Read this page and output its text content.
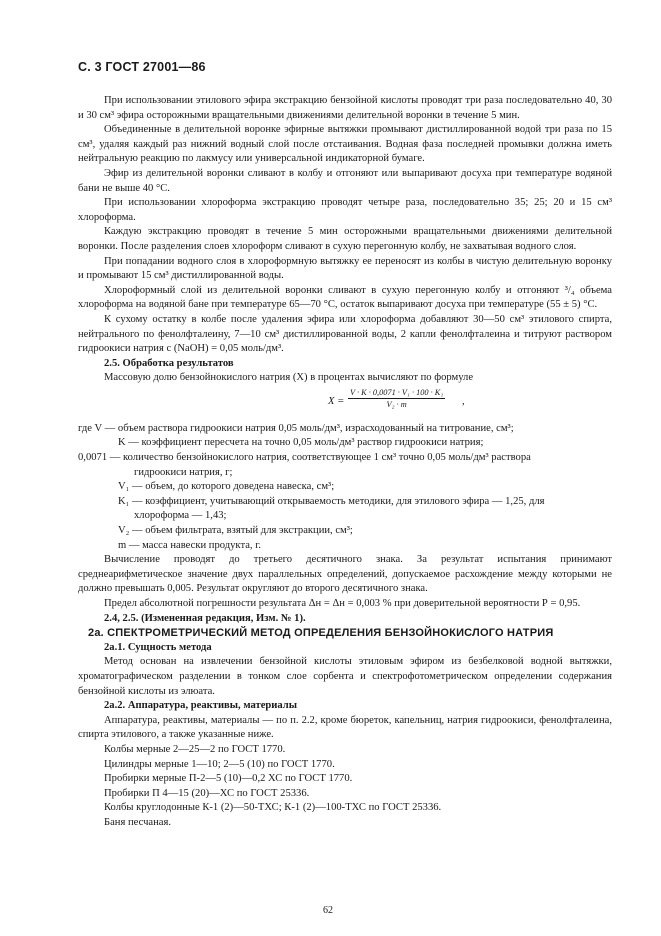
С. 3 ГОСТ 27001—86

При использовании этилового эфира экстракцию бензойной кислоты проводят три раза последовательно 40, 30 и 30 см³ эфира осторожными вращательными движениями делительной воронки в течение 5 мин.

Объединенные в делительной воронке эфирные вытяжки промывают дистиллированной водой три раза по 15 см³, удаляя каждый раз нижний водный слой после отстаивания. Водная фаза последней промывки должна иметь нейтральную реакцию по лакмусу или универсальной индикаторной бумаге.

Эфир из делительной воронки сливают в колбу и отгоняют или выпаривают досуха при температуре водяной бани не выше 40 °С.

При использовании хлороформа экстракцию проводят четыре раза, последовательно 35; 25; 20 и 15 см³ хлороформа.

Каждую экстракцию проводят в течение 5 мин осторожными вращательными движениями делительной воронки. После разделения слоев хлороформ сливают в сухую перегонную колбу, не захватывая водного слоя.

При попадании водного слоя в хлороформную вытяжку ее переносят из колбы в чистую делительную воронку и промывают 15 см³ дистиллированной воды.

Хлороформный слой из делительной воронки сливают в сухую перегонную колбу и отгоняют ³/₄ объема хлороформа на водяной бане при температуре 65—70 °С, остаток выпаривают досуха при температуре (55 ± 5) °С.

К сухому остатку в колбе после удаления эфира или хлороформа добавляют 30—50 см³ этилового спирта, нейтрального по фенолфталеину, 7—10 см³ дистиллированной воды, 2 капли фенолфталеина и титруют раствором гидроокиси натрия с (NaOH) = 0,05 моль/дм³.

2.5. Обработка результатов

Массовую долю бензойнокислого натрия (X) в процентах вычисляют по формуле

$X = \frac{\text{V · K · 0,0071 · V₁ · 100 · K₁}}{\text{V₂ · m}}$ ,

где V — объем раствора гидроокиси натрия 0,05 моль/дм³, израсходованный на титрование, см³;

K — коэффициент пересчета на точно 0,05 моль/дм³ раствор гидроокиси натрия;

0,0071 — количество бензойнокислого натрия, соответствующее 1 см³ точно 0,05 моль/дм³ раствора

гидроокиси натрия, г;

V₁ — объем, до которого доведена навеска, см³;

K₁ — коэффициент, учитывающий открываемость методики, для этилового эфира — 1,25, для

хлороформа — 1,43;

V₂ — объем фильтрата, взятый для экстракции, см³;

m — масса навески продукта, г.

Вычисление проводят до третьего десятичного знака. За результат испытания принимают среднеарифметическое значение двух параллельных определений, допускаемое расхождение между которыми не должно превышать 0,005. Результат округляют до второго десятичного знака.

Предел абсолютной погрешности результата Δн = Δн = 0,003 % при доверительной вероятности Р = 0,95.

2.4, 2.5. (Измененная редакция, Изм. № 1).

2а. СПЕКТРОМЕТРИЧЕСКИЙ МЕТОД ОПРЕДЕЛЕНИЯ БЕНЗОЙНОКИСЛОГО НАТРИЯ

2а.1. Сущность метода

Метод основан на извлечении бензойной кислоты этиловым эфиром из безбелковой водной вытяжки, хроматографическом разделении в тонком слое сорбента и спектрофотометрическом определении содержания бензойной кислоты из элюата.

2а.2. Аппаратура, реактивы, материалы

Аппаратура, реактивы, материалы — по п. 2.2, кроме бюреток, капельниц, натрия гидроокиси, фенолфталеина, спирта этилового, а также указанные ниже.

Колбы мерные 2—25—2 по ГОСТ 1770.

Цилиндры мерные 1—10; 2—5 (10) по ГОСТ 1770.

Пробирки мерные П-2—5 (10)—0,2 ХС по ГОСТ 1770.

Пробирки П 4—15 (20)—ХС по ГОСТ 25336.

Колбы круглодонные К-1 (2)—50-ТХС; К-1 (2)—100-ТХС по ГОСТ 25336.

Баня песчаная.

62
